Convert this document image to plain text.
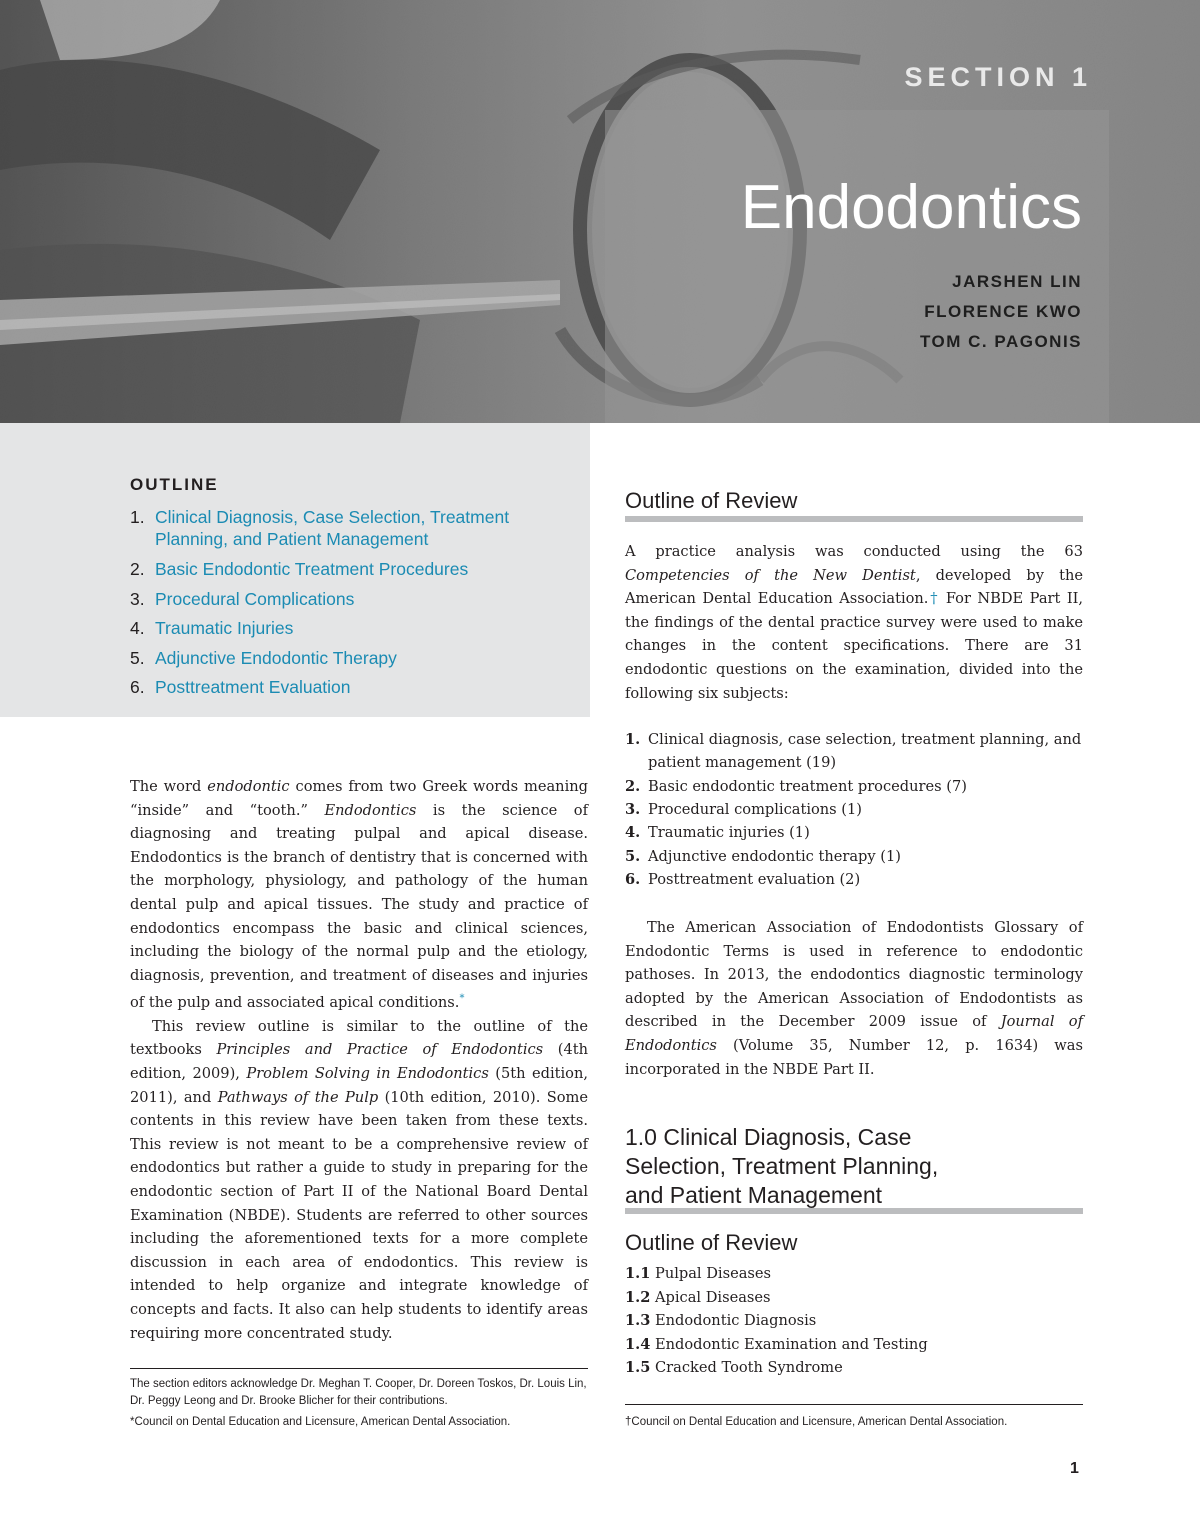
SECTION 1
Endodontics
JARSHEN LIN
FLORENCE KWO
TOM C. PAGONIS
OUTLINE
1. Clinical Diagnosis, Case Selection, Treatment Planning, and Patient Management
2. Basic Endodontic Treatment Procedures
3. Procedural Complications
4. Traumatic Injuries
5. Adjunctive Endodontic Therapy
6. Posttreatment Evaluation

The word endodontic comes from two Greek words meaning “inside” and “tooth.” Endodontics is the science of diagnosing and treating pulpal and apical disease. Endodontics is the branch of dentistry that is concerned with the morphology, physiology, and pathology of the human dental pulp and apical tissues. The study and practice of endodontics encompass the basic and clinical sciences, including the biology of the normal pulp and the etiology, diagnosis, prevention, and treatment of diseases and injuries of the pulp and associated apical conditions.*

This review outline is similar to the outline of the textbooks Principles and Practice of Endodontics (4th edition, 2009), Problem Solving in Endodontics (5th edition, 2011), and Pathways of the Pulp (10th edition, 2010). Some contents in this review have been taken from these texts. This review is not meant to be a comprehensive review of endodontics but rather a guide to study in preparing for the endodontic section of Part II of the National Board Dental Examination (NBDE). Students are referred to other sources including the aforementioned texts for a more complete discussion in each area of endodontics. This review is intended to help organize and integrate knowledge of concepts and facts. It also can help students to identify areas requiring more concentrated study.

The section editors acknowledge Dr. Meghan T. Cooper, Dr. Doreen Toskos, Dr. Louis Lin, Dr. Peggy Leong and Dr. Brooke Blicher for their contributions.
*Council on Dental Education and Licensure, American Dental Association.
Outline of Review

A practice analysis was conducted using the 63 Competencies of the New Dentist, developed by the American Dental Education Association.† For NBDE Part II, the findings of the dental practice survey were used to make changes in the content specifications. There are 31 endodontic questions on the examination, divided into the following six subjects:

1. Clinical diagnosis, case selection, treatment planning, and patient management (19)
2. Basic endodontic treatment procedures (7)
3. Procedural complications (1)
4. Traumatic injuries (1)
5. Adjunctive endodontic therapy (1)
6. Posttreatment evaluation (2)

The American Association of Endodontists Glossary of Endodontic Terms is used in reference to endodontic pathoses. In 2013, the endodontics diagnostic terminology adopted by the American Association of Endodontists as described in the December 2009 issue of Journal of Endodontics (Volume 35, Number 12, p. 1634) was incorporated in the NBDE Part II.

1.0 Clinical Diagnosis, Case
Selection, Treatment Planning,
and Patient Management
Outline of Review
1.1 Pulpal Diseases
1.2 Apical Diseases
1.3 Endodontic Diagnosis
1.4 Endodontic Examination and Testing
1.5 Cracked Tooth Syndrome
†Council on Dental Education and Licensure, American Dental Association.
1
